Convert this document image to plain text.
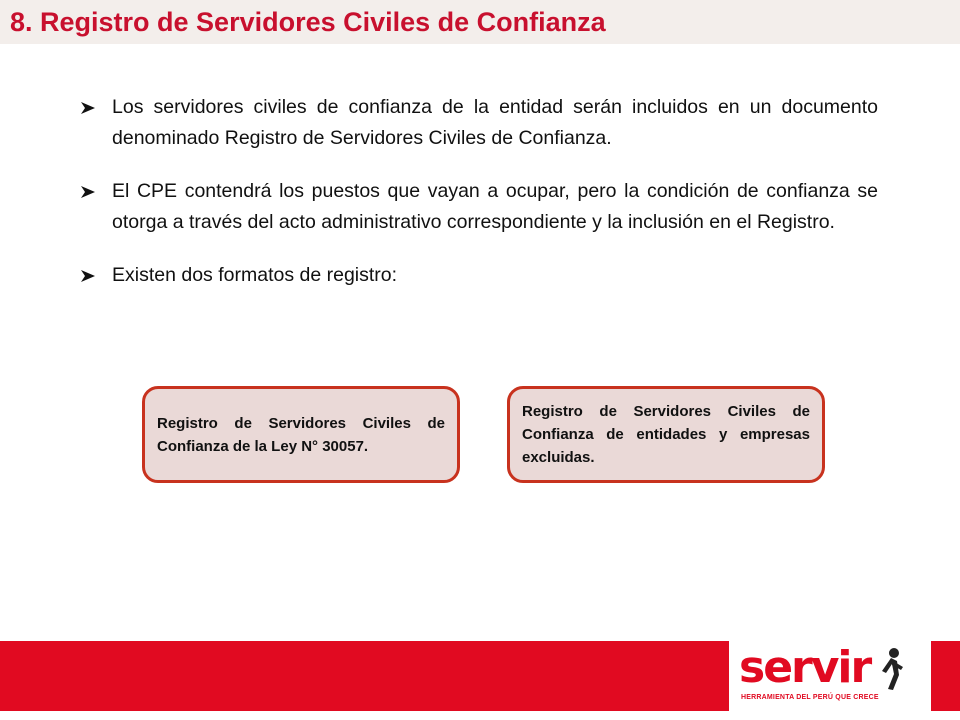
8. Registro de Servidores Civiles de Confianza
Los servidores civiles de confianza de la entidad serán incluidos en un documento denominado Registro de Servidores Civiles de Confianza.
El CPE contendrá los puestos que vayan a ocupar, pero la condición de confianza se otorga a través del acto administrativo correspondiente y la inclusión en el Registro.
Existen dos formatos de registro:
Registro de Servidores Civiles de Confianza de la Ley N° 30057.
Registro de Servidores Civiles de Confianza de entidades y empresas excluidas.
servir
HERRAMIENTA DEL PERÚ QUE CRECE
